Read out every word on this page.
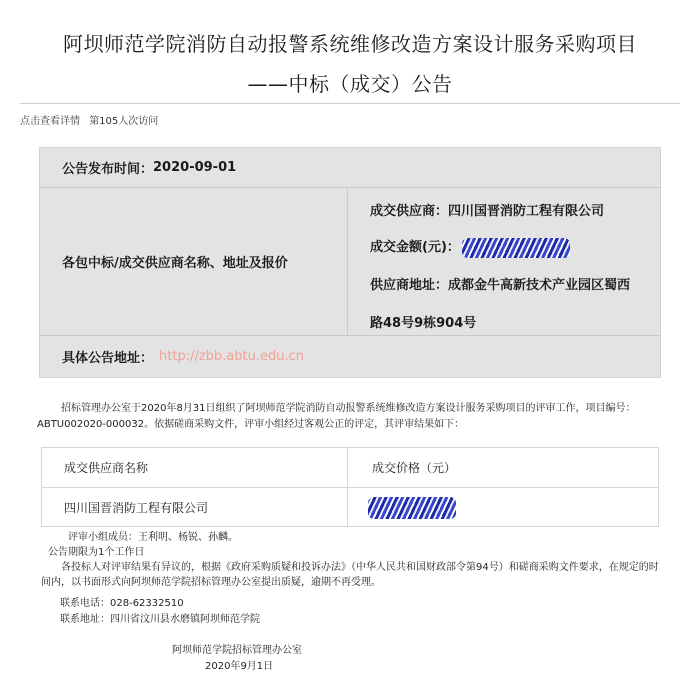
阿坝师范学院消防自动报警系统维修改造方案设计服务采购项目
——中标（成交）公告
点击查看详情 第105人次访问
公告发布时间： 2020-09-01
各包中标/成交供应商名称、地址及报价
成交供应商：四川国晋消防工程有限公司
成交金额(元)：
供应商地址：成都金牛高新技术产业园区蜀西
路48号9栋904号
具体公告地址： http://zbb.abtu.edu.cn
招标管理办公室于2020年8月31日组织了阿坝师范学院消防自动报警系统维修改造方案设计服务采购项目的评审工作，项目编号：ABTU002020-000032。依据磋商采购文件，评审小组经过客观公正的评定，其评审结果如下：
成交供应商名称	成交价格（元）
四川国晋消防工程有限公司
评审小组成员：王利明、杨锐、孙麟。
公告期限为1个工作日
各投标人对评审结果有异议的，根据《政府采购质疑和投诉办法》（中华人民共和国财政部令第94号）和磋商采购文件要求，在规定的时间内，以书面形式向阿坝师范学院招标管理办公室提出质疑，逾期不再受理。
联系电话：028-62332510
联系地址：四川省汶川县水磨镇阿坝师范学院
阿坝师范学院招标管理办公室
2020年9月1日
